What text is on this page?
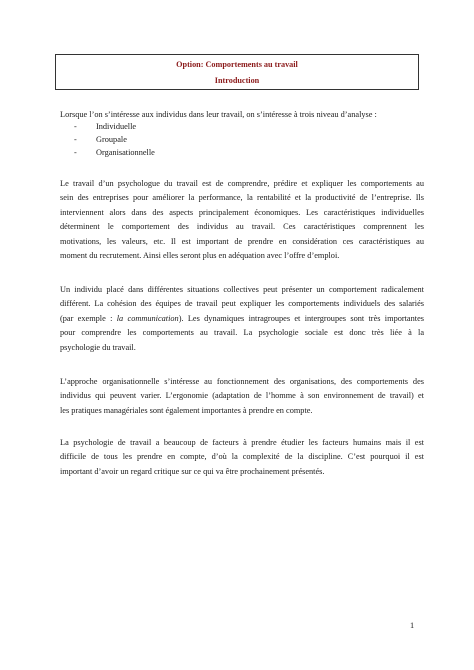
Option: Comportements au travail
Introduction
Lorsque l’on s’intéresse aux individus dans leur travail, on s’intéresse à trois niveau d’analyse :
-	Individuelle
-	Groupale
-	Organisationnelle
Le travail d’un psychologue du travail est de comprendre, prédire et expliquer les comportements au
sein des entreprises pour améliorer la performance, la rentabilité et la productivité de l’entreprise. Ils
interviennent alors dans des aspects principalement économiques. Les caractéristiques individuelles
déterminent le comportement des individus au travail. Ces caractéristiques comprennent les
motivations, les valeurs, etc. Il est important de prendre en considération ces caractéristiques au
moment du recrutement. Ainsi elles seront plus en adéquation avec l’offre d’emploi.
Un individu placé dans différentes situations collectives peut présenter un comportement radicalement
différent. La cohésion des équipes de travail peut expliquer les comportements individuels des salariés
(par exemple : la communication). Les dynamiques intragroupes et intergroupes sont très importantes
pour comprendre les comportements au travail. La psychologie sociale est donc très liée à la
psychologie du travail.
L’approche organisationnelle s’intéresse au fonctionnement des organisations, des comportements des
individus qui peuvent varier. L’ergonomie (adaptation de l’homme à son environnement de travail) et
les pratiques managériales sont également importantes à prendre en compte.
La psychologie de travail a beaucoup de facteurs à prendre étudier les facteurs humains mais il est
difficile de tous les prendre en compte, d’où la complexité de la discipline. C’est pourquoi il est
important d’avoir un regard critique sur ce qui va être prochainement présentés.
1
